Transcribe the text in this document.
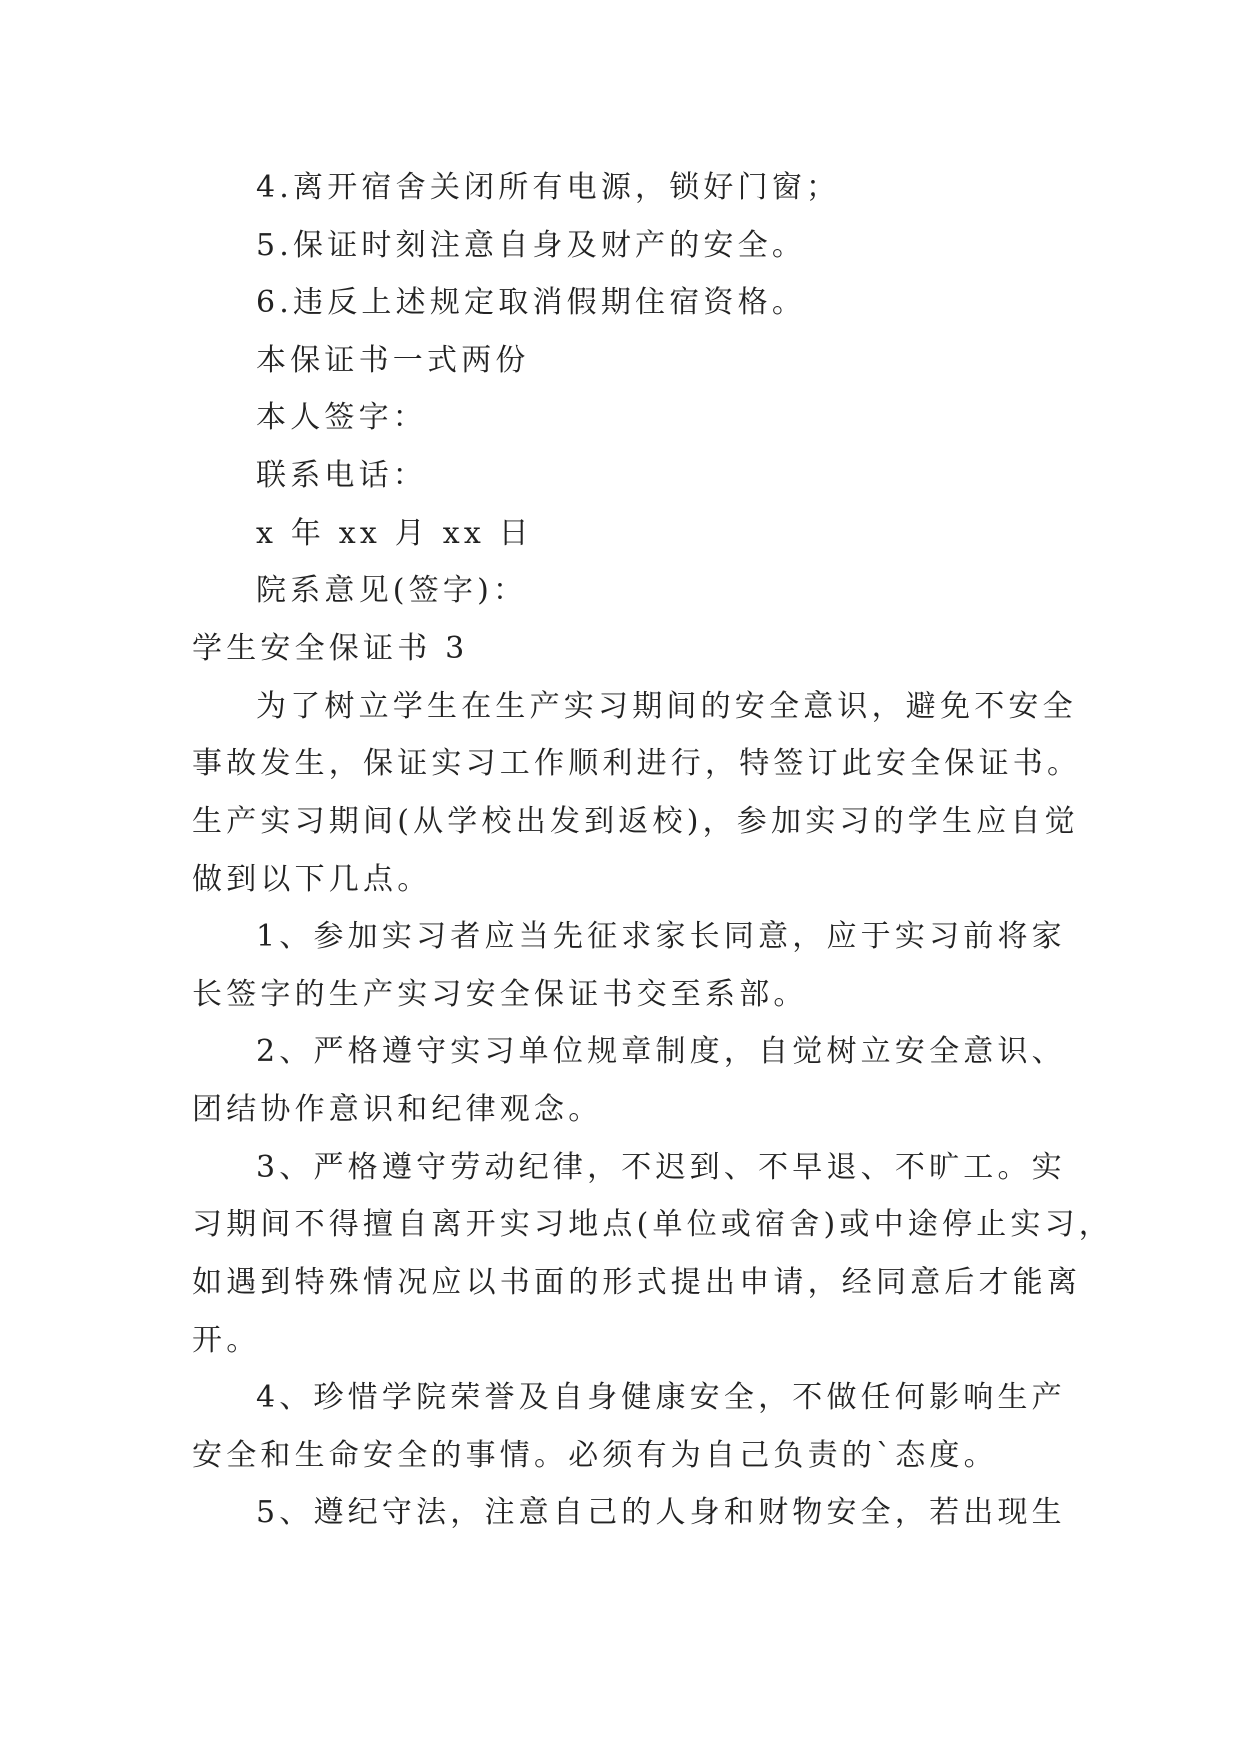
4.离开宿舍关闭所有电源，锁好门窗；
5.保证时刻注意自身及财产的安全。
6.违反上述规定取消假期住宿资格。
本保证书一式两份
本人签字：
联系电话：
x 年 xx 月 xx 日
院系意见(签字)：
学生安全保证书 3
为了树立学生在生产实习期间的安全意识，避免不安全
事故发生，保证实习工作顺利进行，特签订此安全保证书。
生产实习期间(从学校出发到返校)，参加实习的学生应自觉
做到以下几点。
1、参加实习者应当先征求家长同意，应于实习前将家
长签字的生产实习安全保证书交至系部。
2、严格遵守实习单位规章制度，自觉树立安全意识、
团结协作意识和纪律观念。
3、严格遵守劳动纪律，不迟到、不早退、不旷工。实
习期间不得擅自离开实习地点(单位或宿舍)或中途停止实习，
如遇到特殊情况应以书面的形式提出申请，经同意后才能离
开。
4、珍惜学院荣誉及自身健康安全，不做任何影响生产
安全和生命安全的事情。必须有为自己负责的`态度。
5、遵纪守法，注意自己的人身和财物安全，若出现生
